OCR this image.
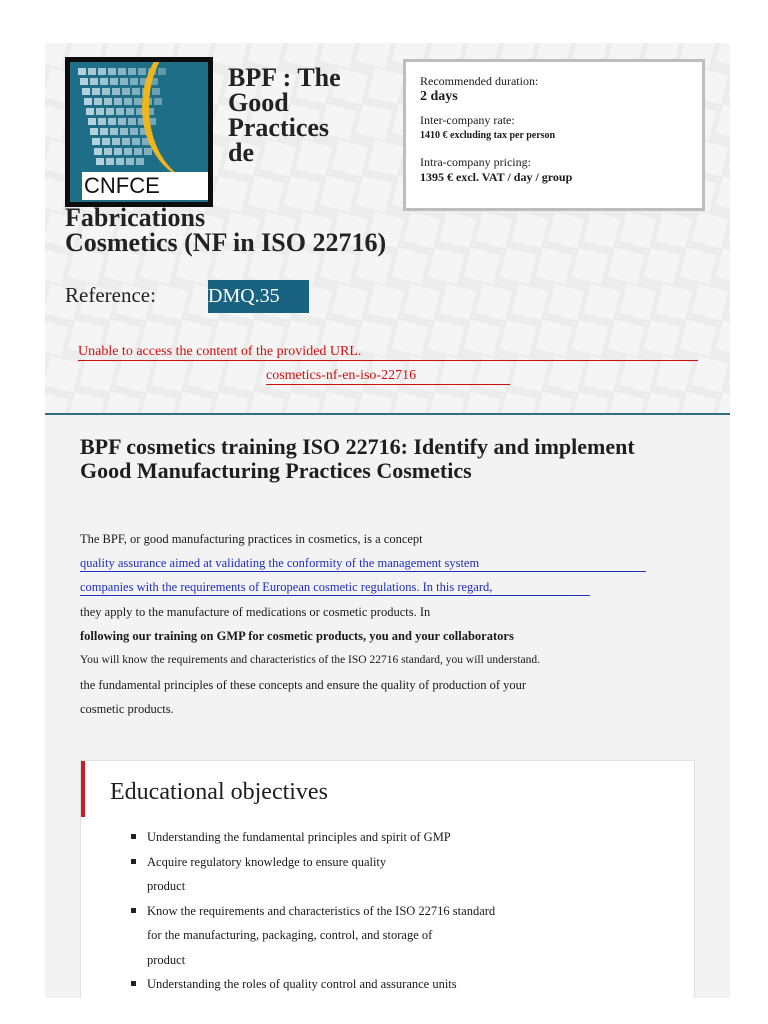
CNFCE
BPF : The
Good
Practices
de
Fabrications
Cosmetics (NF in ISO 22716)
Recommended duration:
2 days
Inter-company rate:
1410 € excluding tax per person
Intra-company pricing:
1395 € excl. VAT / day / group
Reference:	DMQ.35
Unable to access the content of the provided URL.
cosmetics-nf-en-iso-22716
BPF cosmetics training ISO 22716: Identify and implement Good Manufacturing Practices Cosmetics
The BPF, or good manufacturing practices in cosmetics, is a concept
quality assurance aimed at validating the conformity of the management system
companies with the requirements of European cosmetic regulations. In this regard,
they apply to the manufacture of medications or cosmetic products. In
following our training on GMP for cosmetic products, you and your collaborators
You will know the requirements and characteristics of the ISO 22716 standard, you will understand.
the fundamental principles of these concepts and ensure the quality of production of your
cosmetic products.
Educational objectives
Understanding the fundamental principles and spirit of GMP
Acquire regulatory knowledge to ensure quality
product
Know the requirements and characteristics of the ISO 22716 standard
for the manufacturing, packaging, control, and storage of
product
Understanding the roles of quality control and assurance units
